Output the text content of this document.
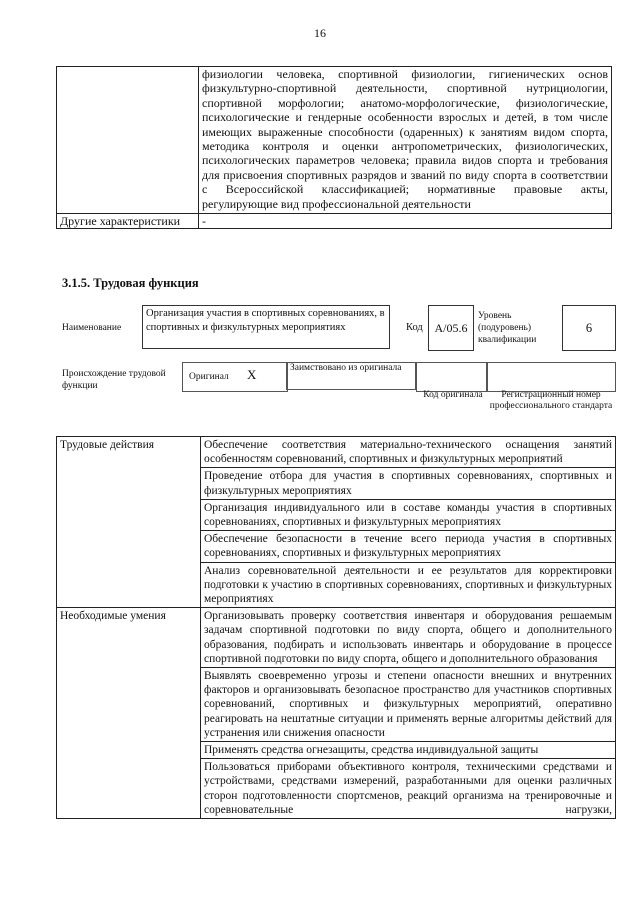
16
	физиологии человека, спортивной физиологии, гигиенических основ физкультурно-спортивной деятельности, спортивной нутрициологии, спортивной морфологии; анатомо-морфологические, физиологические, психологические и гендерные особенности взрослых и детей, в том числе имеющих выраженные способности (одаренных) к занятиям видом спорта, методика контроля и оценки антропометрических, физиологических, психологических параметров человека; правила видов спорта и требования для присвоения спортивных разрядов и званий по виду спорта в соответствии с Всероссийской классификацией; нормативные правовые акты, регулирующие вид профессиональной деятельности
Другие характеристики	-
3.1.5. Трудовая функция
Наименование
Организация участия в спортивных соревнованиях, в спортивных и физкультурных мероприятиях	Код А/05.6
Уровень (подуровень) квалификации
6
Происхождение трудовой функции
Оригинал X	Заимствовано из оригинала
Код оригинала	Регистрационный номер профессионального стандарта
Трудовые действия	Обеспечение соответствия материально-технического оснащения занятий особенностям соревнований, спортивных и физкультурных мероприятий
	Проведение отбора для участия в спортивных соревнованиях, спортивных и физкультурных мероприятиях
	Организация индивидуального или в составе команды участия в спортивных соревнованиях, спортивных и физкультурных мероприятиях
	Обеспечение безопасности в течение всего периода участия в спортивных соревнованиях, спортивных и физкультурных мероприятиях
	Анализ соревновательной деятельности и ее результатов для корректировки подготовки к участию в спортивных соревнованиях, спортивных и физкультурных мероприятиях
Необходимые умения	Организовывать проверку соответствия инвентаря и оборудования решаемым задачам спортивной подготовки по виду спорта, общего и дополнительного образования, подбирать и использовать инвентарь и оборудование в процессе спортивной подготовки по виду спорта, общего и дополнительного образования
	Выявлять своевременно угрозы и степени опасности внешних и внутренних факторов и организовывать безопасное пространство для участников спортивных соревнований, спортивных и физкультурных мероприятий, оперативно реагировать на нештатные ситуации и применять верные алгоритмы действий для устранения или снижения опасности
	Применять средства огнезащиты, средства индивидуальной защиты
	Пользоваться приборами объективного контроля, техническими средствами и устройствами, средствами измерений, разработанными для оценки различных сторон подготовленности спортсменов, реакций организма на тренировочные и соревновательные нагрузки,
